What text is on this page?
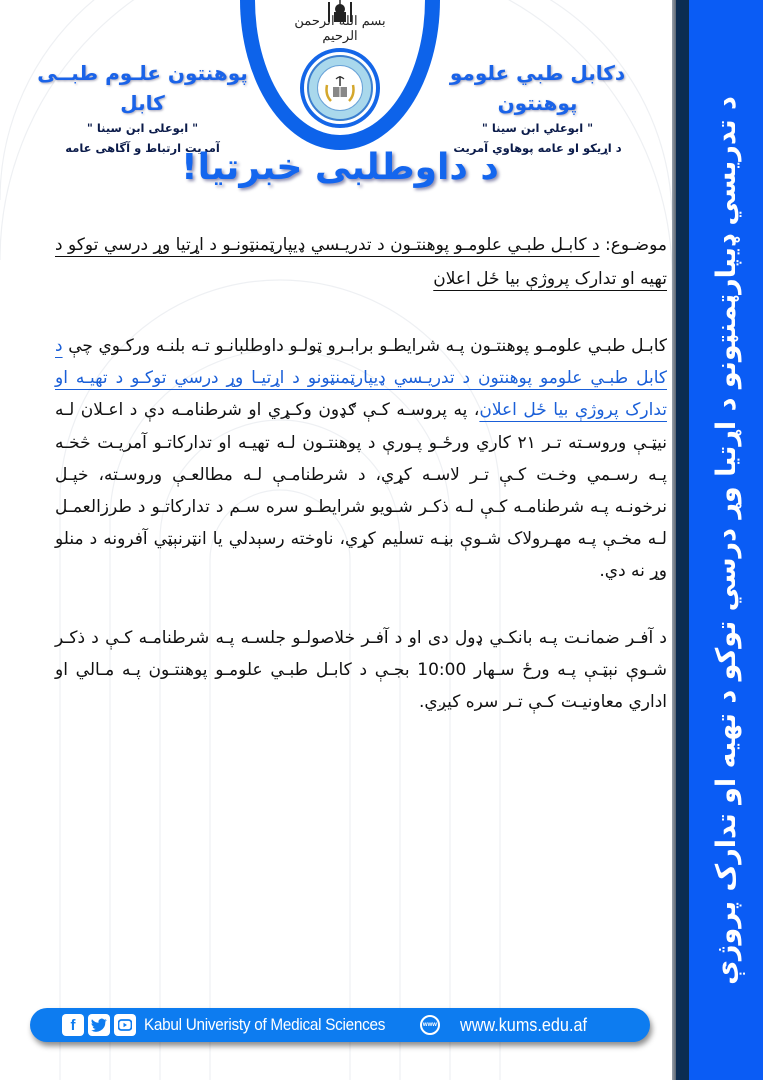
بسم الله الرحمن الرحیم
پوهنتون علـوم طبــی کابل
" ابوعلی ابن سینا "
آمریت ارتباط و آگاهی عامه
دکابل طبي علومو پوهنتون
" ابوعلي ابن سینا "
د اړیکو او عامه پوهاوي آمریت
د داوطلبی خبرتیا!

موضـوع: د کابـل طبـي علومـو پوهنتـون د تدریـسي ډیپارټمنټونـو د اړتیا وړ درسي توکو د تهیه او تدارک پروژې بیا ځل اعلان

کابـل طبـي علومـو پوهنتـون پـه شرایطـو برابـرو ټولـو داوطلبانـو تـه بلنـه ورکـوي چې د کابل طبـي علومو پوهنتون د تدریـسي ډیپارټمنټونو د اړتیـا وړ درسي توکـو د تهیـه او تدارک پروژې بیا ځل اعلان، په پروسـه کـې ګډون وکـړي او شرطنامـه دې د اعـلان لـه نیټـې وروسـته تـر ۲۱ کاري ورځـو پـورې د پوهنتـون لـه تهیـه او تدارکاتـو آمریـت څخـه پـه رسـمي وخـت کـې تـر لاسـه کړي، د شرطنامـې لـه مطالعـې وروسـته، خپـل نرخونـه پـه شرطنامـه کـې لـه ذکـر شـویو شرایطـو سره سـم د تدارکاتـو د طرزالعمـل لـه مخـې پـه مهـرولاک شـوې بڼـه تسلیم کړي، ناوخته رسېدلي یا انټرنېټي آفرونه د منلو وړ نه دي.

د آفـر ضمانـت پـه بانکـي ډول دی او د آفـر خلاصولـو جلسـه پـه شرطنامـه کـې د ذکـر شـوې نېټـې پـه ورځ سـهار 10:00 بجـې د کابـل طبـي علومـو پوهنتـون پـه مـالي او اداري معاونیـت کـې تـر سره کیږي.

f	Kabul Univeristy of Medical Sciences	www www.kums.edu.af
د تدریسي ډیپارټمنټونو د اړتیا وړ درسي توکو د تهیه او تدارک پروژې
